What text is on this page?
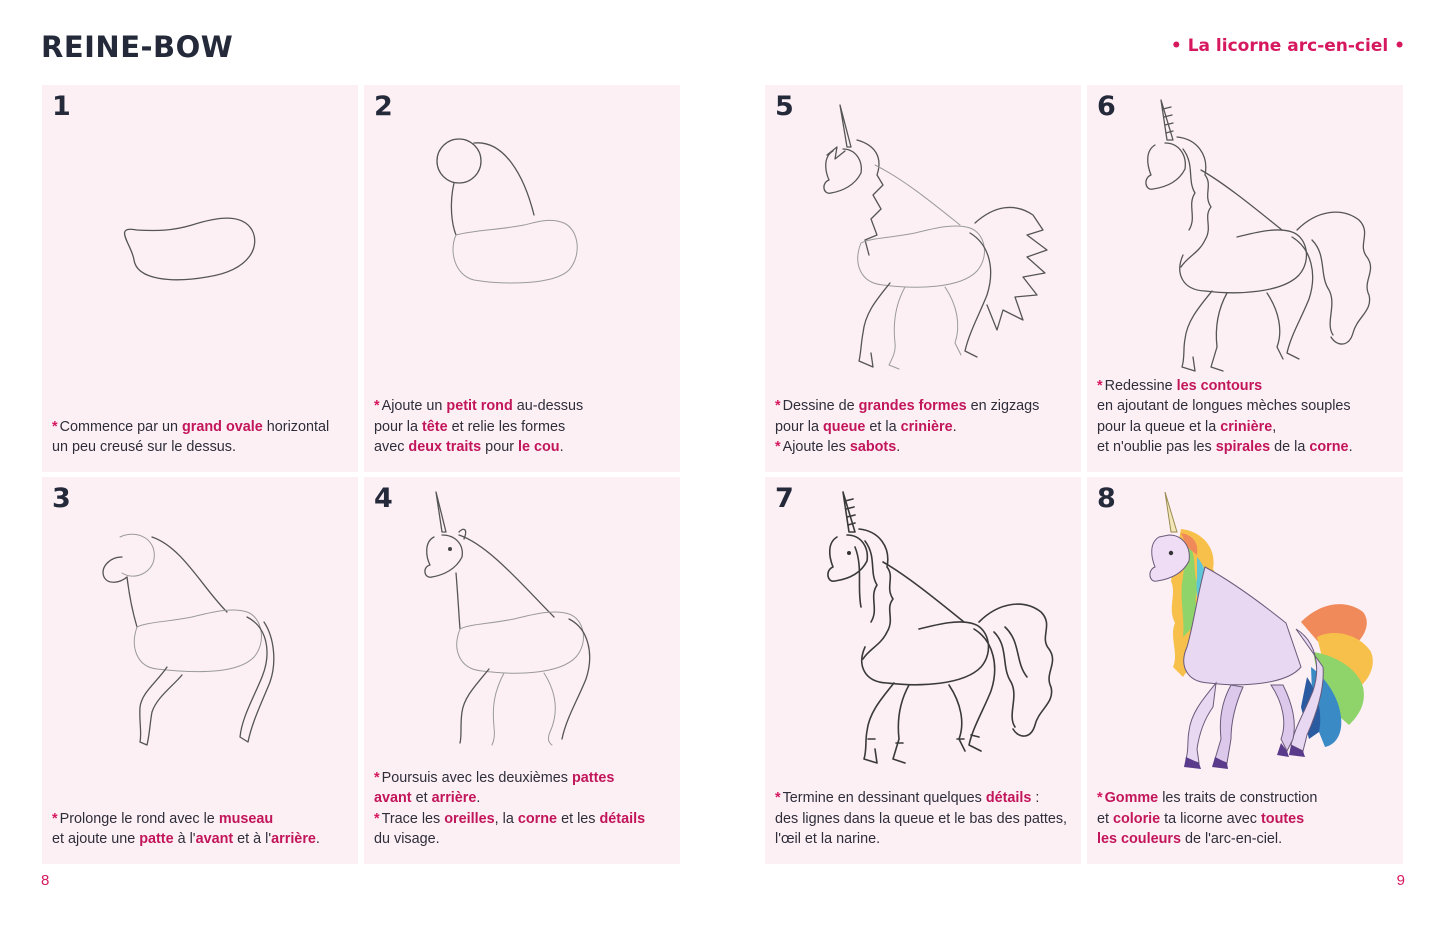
REINE-BOW	• La licorne arc-en-ciel •
1
* Commence par un grand ovale horizontal
un peu creusé sur le dessus.
2
* Ajoute un petit rond au-dessus
pour la tête et relie les formes
avec deux traits pour le cou.
3
* Prolonge le rond avec le museau
et ajoute une patte à l'avant et à l'arrière.
4
* Poursuis avec les deuxièmes pattes
avant et arrière.
* Trace les oreilles, la corne et les détails
du visage.
5
* Dessine de grandes formes en zigzags
pour la queue et la crinière.
* Ajoute les sabots.
6
* Redessine les contours
en ajoutant de longues mèches souples
pour la queue et la crinière,
et n'oublie pas les spirales de la corne.
7
* Termine en dessinant quelques détails :
des lignes dans la queue et le bas des pattes,
l'œil et la narine.
8
* Gomme les traits de construction
et colorie ta licorne avec toutes
les couleurs de l'arc-en-ciel.
8	9
